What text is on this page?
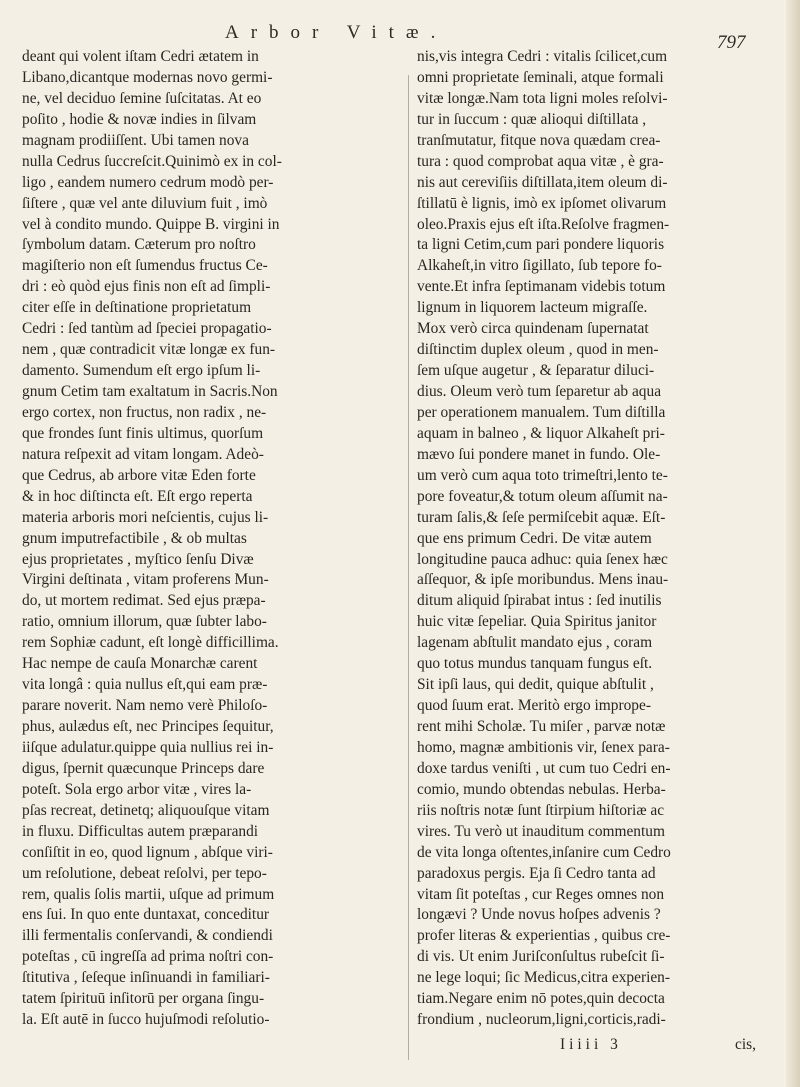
Arbor Vitæ.	797
deant qui volent iſtam Cedri ætatem in
Libano,dicantque modernas novo germi-
ne, vel deciduo ſemine ſuſcitatas. At eo
poſito , hodie & novæ indies in ſilvam
magnam prodiiſſent. Ubi tamen nova
nulla Cedrus ſuccreſcit.Quinimò ex in col-
ligo , eandem numero cedrum modò per-
ſiſtere , quæ vel ante diluvium fuit , imò
vel à condito mundo. Quippe B. virgini in
ſymbolum datam. Cæterum pro noſtro
magiſterio non eſt ſumendus fructus Ce-
dri : eò quòd ejus finis non eſt ad ſimpli-
citer eſſe in deſtinatione proprietatum
Cedri : ſed tantùm ad ſpeciei propagatio-
nem , quæ contradicit vitæ longæ ex fun-
damento. Sumendum eſt ergo ipſum li-
gnum Cetim tam exaltatum in Sacris.Non
ergo cortex, non fructus, non radix , ne-
que frondes ſunt finis ultimus, quorſum
natura reſpexit ad vitam longam. Adeò-
que Cedrus, ab arbore vitæ Eden forte
& in hoc diſtincta eſt. Eſt ergo reperta
materia arboris mori neſcientis, cujus li-
gnum imputrefactibile , & ob multas
ejus proprietates , myſtico ſenſu Divæ
Virgini deſtinata , vitam proferens Mun-
do, ut mortem redimat. Sed ejus præpa-
ratio, omnium illorum, quæ ſubter labo-
rem Sophiæ cadunt, eſt longè difficillima.
Hac nempe de cauſa Monarchæ carent
vita longâ : quia nullus eſt,qui eam præ-
parare noverit. Nam nemo verè Philoſo-
phus, aulædus eſt, nec Principes ſequitur,
iiſque adulatur.quippe quia nullius rei in-
digus, ſpernit quæcunque Princeps dare
poteſt. Sola ergo arbor vitæ , vires la-
pſas recreat, detinetq; aliquouſque vitam
in fluxu. Difficultas autem præparandi
conſiſtit in eo, quod lignum , abſque viri-
um reſolutione, debeat reſolvi, per tepo-
rem, qualis ſolis martii, uſque ad primum
ens ſui. In quo ente duntaxat, conceditur
illi fermentalis conſervandi, & condiendi
poteſtas , cū ingreſſa ad prima noſtri con-
ſtitutiva , ſeſeque inſinuandi in familiari-
tatem ſpirituū inſitorū per organa ſingu-
la. Eſt autē in ſucco hujuſmodi reſolutio-
nis,vis integra Cedri : vitalis ſcilicet,cum
omni proprietate ſeminali, atque formali
vitæ longæ.Nam tota ligni moles reſolvi-
tur in ſuccum : quæ alioqui diſtillata ,
tranſmutatur, fitque nova quædam crea-
tura : quod comprobat aqua vitæ , è gra-
nis aut cereviſiis diſtillata,item oleum di-
ſtillatū è lignis, imò ex ipſomet olivarum
oleo.Praxis ejus eſt iſta.Reſolve fragmen-
ta ligni Cetim,cum pari pondere liquoris
Alkaheſt,in vitro ſigillato, ſub tepore fo-
vente.Et infra ſeptimanam videbis totum
lignum in liquorem lacteum migraſſe.
Mox verò circa quindenam ſupernatat
diſtinctim duplex oleum , quod in men-
ſem uſque augetur , & ſeparatur diluci-
dius. Oleum verò tum ſeparetur ab aqua
per operationem manualem. Tum diſtilla
aquam in balneo , & liquor Alkaheſt pri-
mævo ſui pondere manet in fundo. Ole-
um verò cum aqua toto trimeſtri,lento te-
pore foveatur,& totum oleum aſſumit na-
turam ſalis,& ſeſe permiſcebit aquæ. Eſt-
que ens primum Cedri. De vitæ autem
longitudine pauca adhuc: quia ſenex hæc
aſſequor, & ipſe moribundus. Mens inau-
ditum aliquid ſpirabat intus : ſed inutilis
huic vitæ ſepeliar. Quia Spiritus janitor
lagenam abſtulit mandato ejus , coram
quo totus mundus tanquam fungus eſt.
Sit ipſi laus, qui dedit, quique abſtulit ,
quod ſuum erat. Meritò ergo imprope-
rent mihi Scholæ. Tu miſer , parvæ notæ
homo, magnæ ambitionis vir, ſenex para-
doxe tardus veniſti , ut cum tuo Cedri en-
comio, mundo obtendas nebulas. Herba-
riis noſtris notæ ſunt ſtirpium hiſtoriæ ac
vires. Tu verò ut inauditum commentum
de vita longa oſtentes,inſanire cum Cedro
paradoxus pergis. Eja ſi Cedro tanta ad
vitam ſit poteſtas , cur Reges omnes non
longævi ? Unde novus hoſpes advenis ?
profer literas & experientias , quibus cre-
di vis. Ut enim Juriſconſultus rubeſcit ſi-
ne lege loqui; ſic Medicus,citra experien-
tiam.Negare enim nō potes,quin decocta
frondium , nucleorum,ligni,corticis,radi-
Iiiii 3	cis,
